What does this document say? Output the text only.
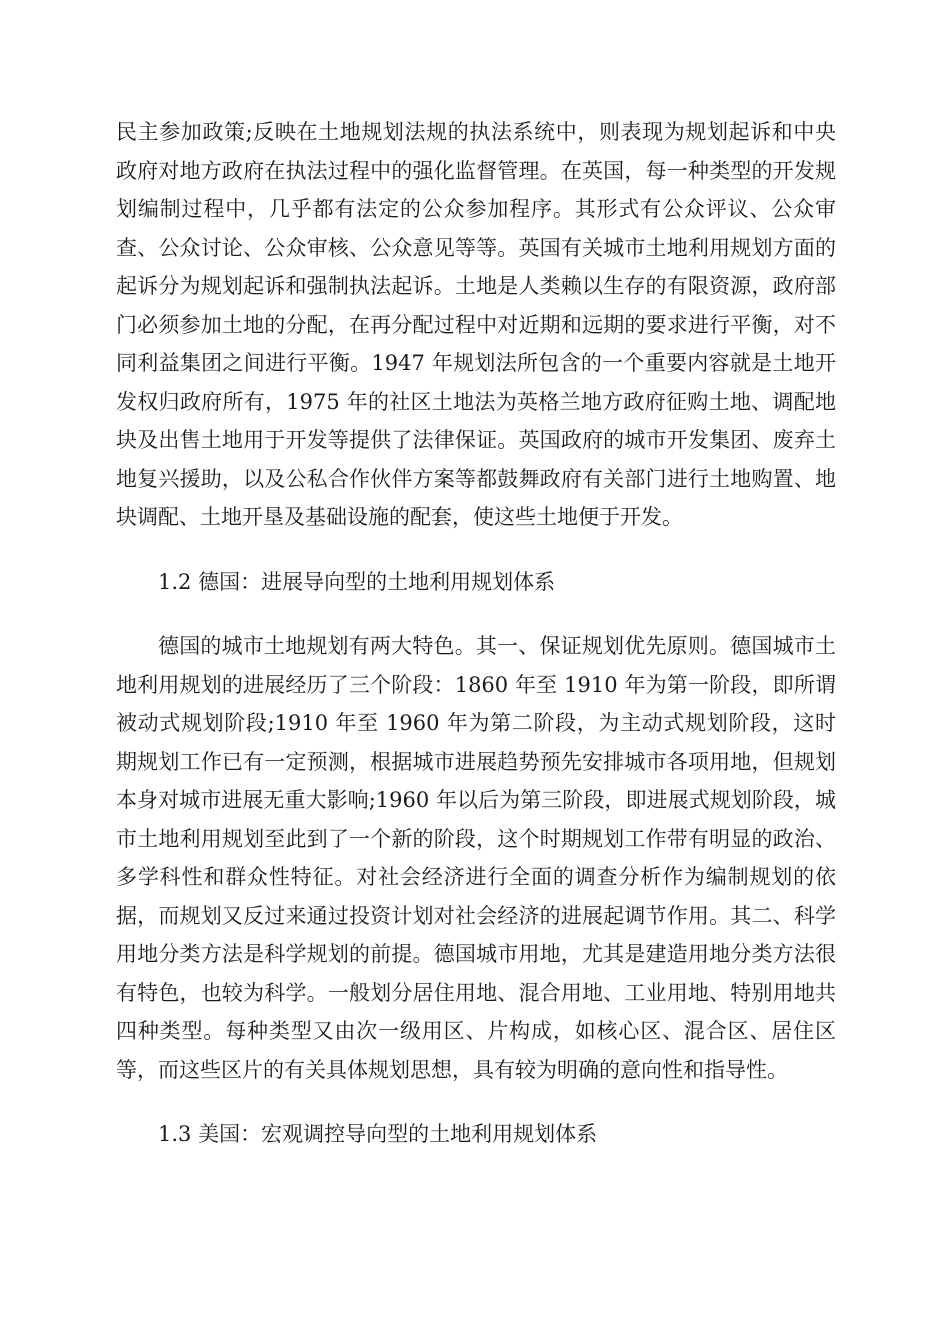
民主参加政策;反映在土地规划法规的执法系统中，则表现为规划起诉和中央政府对地方政府在执法过程中的强化监督管理。在英国，每一种类型的开发规划编制过程中，几乎都有法定的公众参加程序。其形式有公众评议、公众审查、公众讨论、公众审核、公众意见等等。英国有关城市土地利用规划方面的起诉分为规划起诉和强制执法起诉。土地是人类赖以生存的有限资源，政府部门必须参加土地的分配，在再分配过程中对近期和远期的要求进行平衡，对不同利益集团之间进行平衡。1947 年规划法所包含的一个重要内容就是土地开发权归政府所有，1975 年的社区土地法为英格兰地方政府征购土地、调配地块及出售土地用于开发等提供了法律保证。英国政府的城市开发集团、废弃土地复兴援助，以及公私合作伙伴方案等都鼓舞政府有关部门进行土地购置、地块调配、土地开垦及基础设施的配套，使这些土地便于开发。

1.2 德国：进展导向型的土地利用规划体系

德国的城市土地规划有两大特色。其一、保证规划优先原则。德国城市土地利用规划的进展经历了三个阶段：1860 年至 1910 年为第一阶段，即所谓被动式规划阶段;1910 年至 1960 年为第二阶段，为主动式规划阶段，这时期规划工作已有一定预测，根据城市进展趋势预先安排城市各项用地，但规划本身对城市进展无重大影响;1960 年以后为第三阶段，即进展式规划阶段，城市土地利用规划至此到了一个新的阶段，这个时期规划工作带有明显的政治、多学科性和群众性特征。对社会经济进行全面的调查分析作为编制规划的依据，而规划又反过来通过投资计划对社会经济的进展起调节作用。其二、科学用地分类方法是科学规划的前提。德国城市用地，尤其是建造用地分类方法很有特色，也较为科学。一般划分居住用地、混合用地、工业用地、特别用地共四种类型。每种类型又由次一级用区、片构成，如核心区、混合区、居住区等，而这些区片的有关具体规划思想，具有较为明确的意向性和指导性。

1.3 美国：宏观调控导向型的土地利用规划体系
